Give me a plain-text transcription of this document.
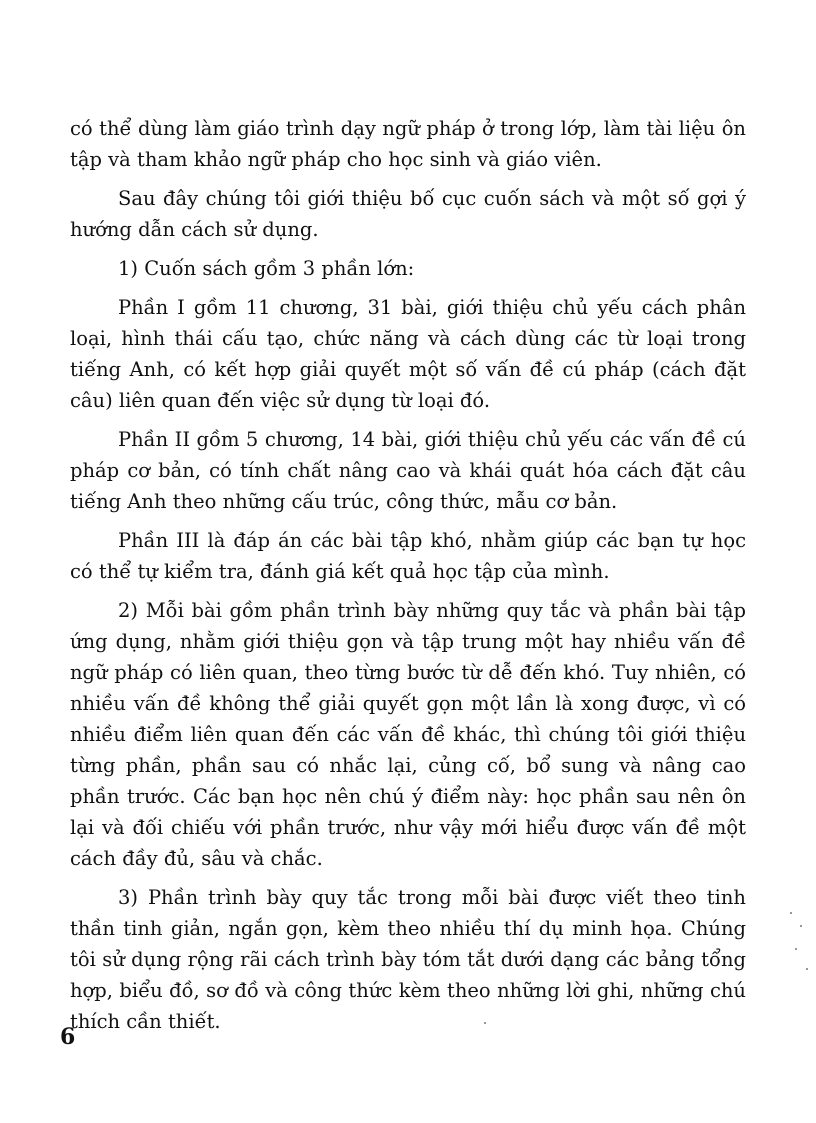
có thể dùng làm giáo trình dạy ngữ pháp ở trong lớp, làm tài liệu ôn tập và tham khảo ngữ pháp cho học sinh và giáo viên.

Sau đây chúng tôi giới thiệu bố cục cuốn sách và một số gợi ý hướng dẫn cách sử dụng.

1) Cuốn sách gồm 3 phần lớn:

Phần I gồm 11 chương, 31 bài, giới thiệu chủ yếu cách phân loại, hình thái cấu tạo, chức năng và cách dùng các từ loại trong tiếng Anh, có kết hợp giải quyết một số vấn đề cú pháp (cách đặt câu) liên quan đến việc sử dụng từ loại đó.

Phần II gồm 5 chương, 14 bài, giới thiệu chủ yếu các vấn đề cú pháp cơ bản, có tính chất nâng cao và khái quát hóa cách đặt câu tiếng Anh theo những cấu trúc, công thức, mẫu cơ bản.

Phần III là đáp án các bài tập khó, nhằm giúp các bạn tự học có thể tự kiểm tra, đánh giá kết quả học tập của mình.

2) Mỗi bài gồm phần trình bày những quy tắc và phần bài tập ứng dụng, nhằm giới thiệu gọn và tập trung một hay nhiều vấn đề ngữ pháp có liên quan, theo từng bước từ dễ đến khó. Tuy nhiên, có nhiều vấn đề không thể giải quyết gọn một lần là xong được, vì có nhiều điểm liên quan đến các vấn đề khác, thì chúng tôi giới thiệu từng phần, phần sau có nhắc lại, củng cố, bổ sung và nâng cao phần trước. Các bạn học nên chú ý điểm này: học phần sau nên ôn lại và đối chiếu với phần trước, như vậy mới hiểu được vấn đề một cách đầy đủ, sâu và chắc.

3) Phần trình bày quy tắc trong mỗi bài được viết theo tinh thần tinh giản, ngắn gọn, kèm theo nhiều thí dụ minh họa. Chúng tôi sử dụng rộng rãi cách trình bày tóm tắt dưới dạng các bảng tổng hợp, biểu đồ, sơ đồ và công thức kèm theo những lời ghi, những chú thích cần thiết.

6
